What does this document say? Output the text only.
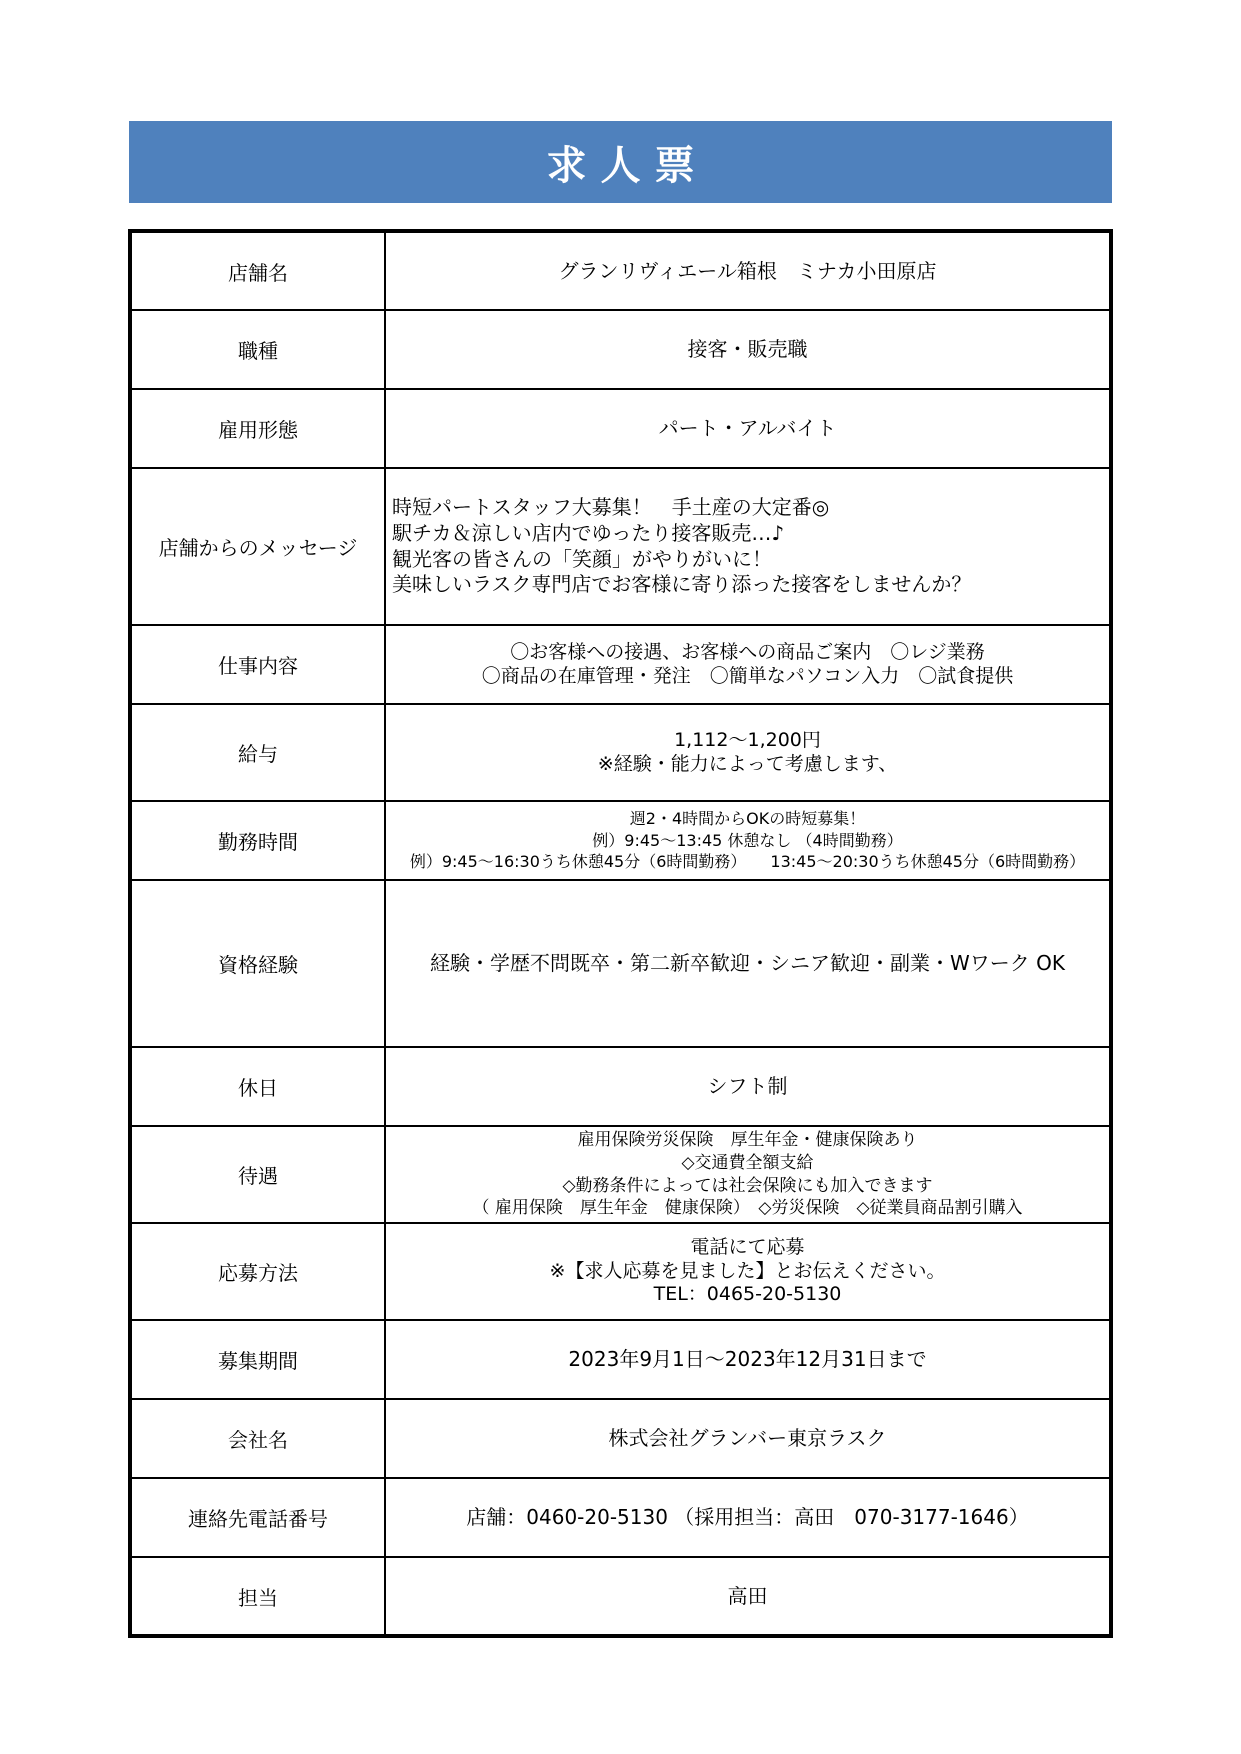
求人票
店舗名	グランリヴィエール箱根　ミナカ小田原店

職種	接客・販売職

雇用形態	パート・アルバイト

店舗からのメッセージ	時短パートスタッフ大募集！　手土産の大定番◎
駅チカ＆涼しい店内でゆったり接客販売…♪
観光客の皆さんの「笑顔」がやりがいに！
美味しいラスク専門店でお客様に寄り添った接客をしませんか？

仕事内容	〇お客様への接遇、お客様への商品ご案内　〇レジ業務
〇商品の在庫管理・発注　〇簡単なパソコン入力　〇試食提供

給与	1,112〜1,200円
※経験・能力によって考慮します、

勤務時間	週2・4時間からOKの時短募集！
例）9:45〜13:45 休憩なし （4時間勤務）
例）9:45〜16:30うち休憩45分（6時間勤務）　　13:45〜20:30うち休憩45分（6時間勤務）

資格経験	経験・学歴不問既卒・第二新卒歓迎・シニア歓迎・副業・Wワーク OK

休日	シフト制

待遇	雇用保険労災保険　厚生年金・健康保険あり
◇交通費全額支給
◇勤務条件によっては社会保険にも加入できます
（ 雇用保険　厚生年金　健康保険）　◇労災保険　◇従業員商品割引購入

応募方法	電話にて応募
※【求人応募を見ました】とお伝えください。
TEL：0465-20-5130

募集期間	2023年9月1日〜2023年12月31日まで

会社名	株式会社グランバー東京ラスク

連絡先電話番号	店舗：0460-20-5130 （採用担当：高田　070-3177-1646）

担当	高田
